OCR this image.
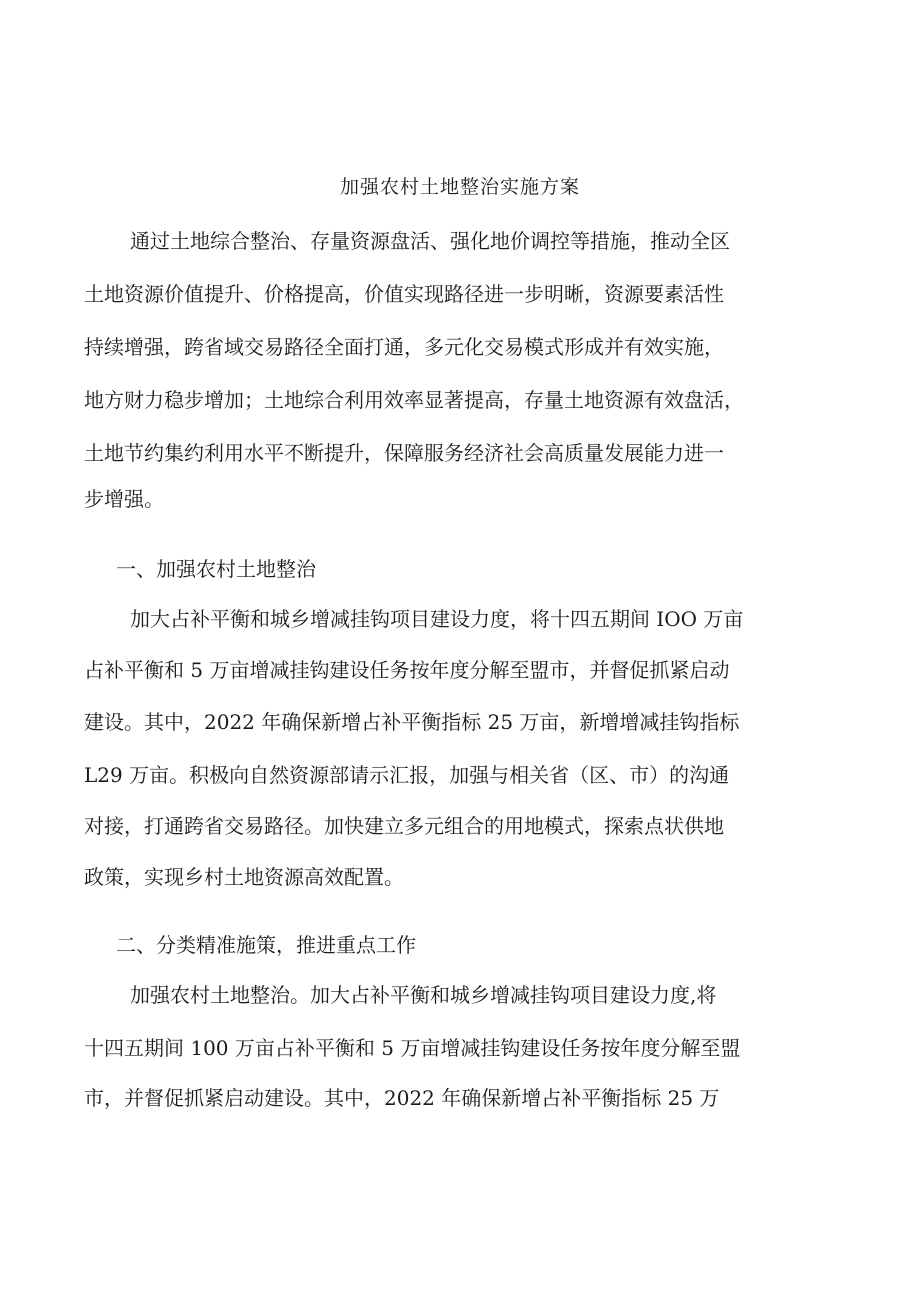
加强农村土地整治实施方案

通过土地综合整治、存量资源盘活、强化地价调控等措施，推动全区

土地资源价值提升、价格提高，价值实现路径进一步明晰，资源要素活性

持续增强，跨省域交易路径全面打通，多元化交易模式形成并有效实施，

地方财力稳步增加；土地综合利用效率显著提高，存量土地资源有效盘活，

土地节约集约利用水平不断提升，保障服务经济社会高质量发展能力进一

步增强。

一、加强农村土地整治

加大占补平衡和城乡增减挂钩项目建设力度，将十四五期间 IOO 万亩

占补平衡和 5 万亩增减挂钩建设任务按年度分解至盟市，并督促抓紧启动

建设。其中，2022 年确保新增占补平衡指标 25 万亩，新增增减挂钩指标

L29 万亩。积极向自然资源部请示汇报，加强与相关省（区、市）的沟通

对接，打通跨省交易路径。加快建立多元组合的用地模式，探索点状供地

政策，实现乡村土地资源高效配置。

二、分类精准施策，推进重点工作

加强农村土地整治。加大占补平衡和城乡增减挂钩项目建设力度,将

十四五期间 100 万亩占补平衡和 5 万亩增减挂钩建设任务按年度分解至盟

市，并督促抓紧启动建设。其中，2022 年确保新增占补平衡指标 25 万
